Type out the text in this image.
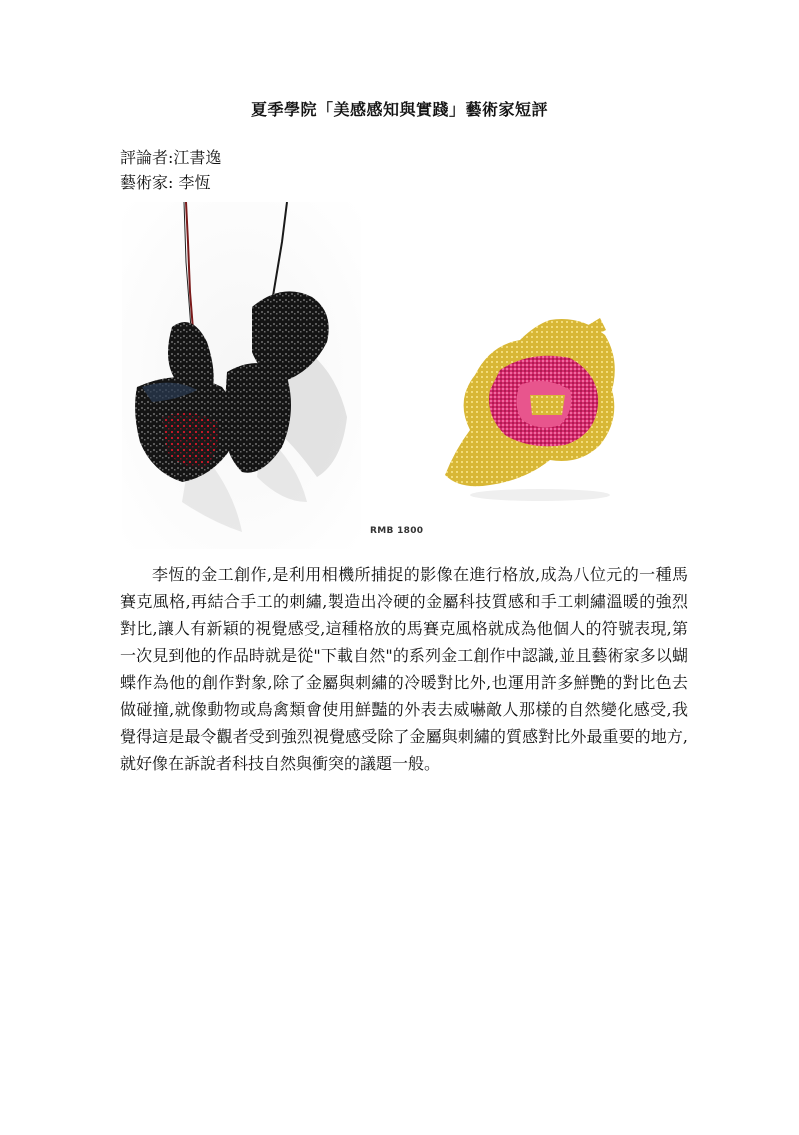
夏季學院「美感感知與實踐」藝術家短評
評論者:江書逸
藝術家: 李恆
RMB 1800
李恆的金工創作,是利用相機所捕捉的影像在進行格放,成為八位元的一種馬賽克風格,再結合手工的刺繡,製造出冷硬的金屬科技質感和手工刺繡溫暖的強烈對比,讓人有新穎的視覺感受,這種格放的馬賽克風格就成為他個人的符號表現,第一次見到他的作品時就是從"下載自然"的系列金工創作中認識,並且藝術家多以蝴蝶作為他的創作對象,除了金屬與刺繡的冷暖對比外,也運用許多鮮艷的對比色去做碰撞,就像動物或鳥禽類會使用鮮豔的外表去威嚇敵人那樣的自然變化感受,我覺得這是最令觀者受到強烈視覺感受除了金屬與刺繡的質感對比外最重要的地方,就好像在訴說者科技自然與衝突的議題一般。
